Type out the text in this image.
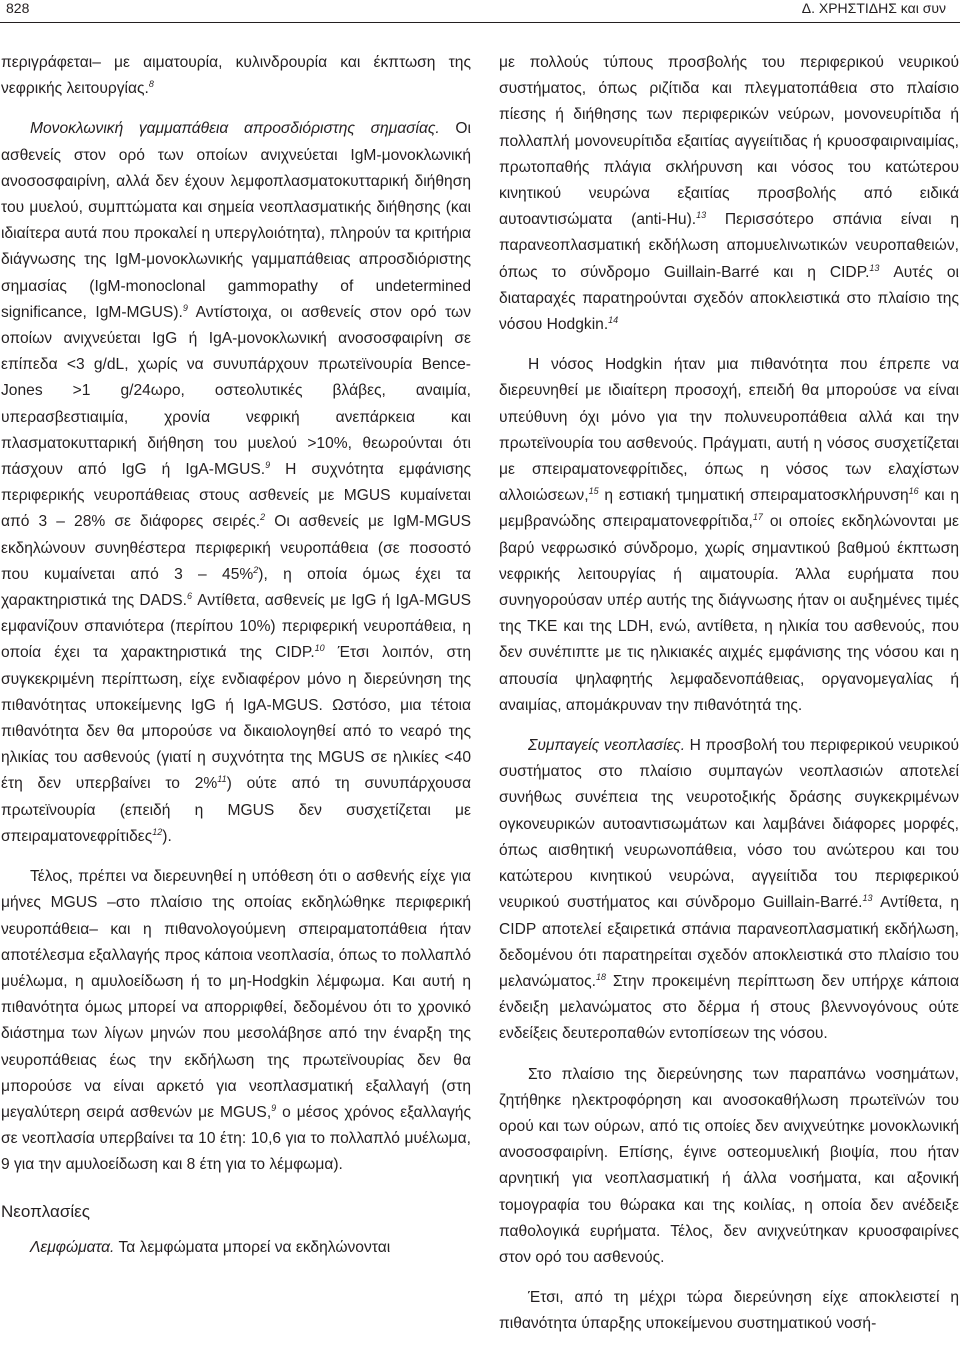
828	Δ. ΧΡΗΣΤΙΔΗΣ και συν

περιγράφεται– με αιματουρία, κυλινδρουρία και έκπτωση της νεφρικής λειτουργίας.$^8$

Μονοκλωνική γαμμαπάθεια απροσδιόριστης σημασίας. Οι ασθενείς στον ορό των οποίων ανιχνεύεται IgM-μονοκλωνική ανοσοσφαιρίνη, αλλά δεν έχουν λεμφοπλασματοκυτταρική διήθηση του μυελού, συμπτώματα και σημεία νεοπλασματικής διήθησης (και ιδιαίτερα αυτά που προκαλεί η υπεργλοιότητα), πληρούν τα κριτήρια διάγνωσης της IgM-μονοκλωνικής γαμμαπάθειας απροσδιόριστης σημασίας (IgM-monoclonal gammopathy of undetermined significance, IgM-MGUS).$^9$ Αντίστοιχα, οι ασθενείς στον ορό των οποίων ανιχνεύεται IgG ή IgA-μονοκλωνική ανοσοσφαιρίνη σε επίπεδα <3 g/dL, χωρίς να συνυπάρχουν πρωτεϊνουρία Bence-Jones >1 g/24ωρο, οστεολυτικές βλάβες, αναιμία, υπερασβεστιαιμία, χρονία νεφρική ανεπάρκεια και πλασματοκυτταρική διήθηση του μυελού >10%, θεωρούνται ότι πάσχουν από IgG ή IgA-MGUS.$^9$ Η συχνότητα εμφάνισης περιφερικής νευροπάθειας στους ασθενείς με MGUS κυμαίνεται από 3 – 28% σε διάφορες σειρές.$^2$ Οι ασθενείς με IgM-MGUS εκδηλώνουν συνηθέστερα περιφερική νευροπάθεια (σε ποσοστό που κυμαίνεται από 3 – 45%$^2$), η οποία όμως έχει τα χαρακτηριστικά της DADS.$^6$ Αντίθετα, ασθενείς με IgG ή IgA-MGUS εμφανίζουν σπανιότερα (περίπου 10%) περιφερική νευροπάθεια, η οποία έχει τα χαρακτηριστικά της CIDP.$^{10}$ Έτσι λοιπόν, στη συγκεκριμένη περίπτωση, είχε ενδιαφέρον μόνο η διερεύνηση της πιθανότητας υποκείμενης IgG ή IgA-MGUS. Ωστόσο, μια τέτοια πιθανότητα δεν θα μπορούσε να δικαιολογηθεί από το νεαρό της ηλικίας του ασθενούς (γιατί η συχνότητα της MGUS σε ηλικίες <40 έτη δεν υπερβαίνει το 2%$^{11}$) ούτε από τη συνυπάρχουσα πρωτεϊνουρία (επειδή η MGUS δεν συσχετίζεται με σπειραματονεφρίτιδες$^{12}$).

Τέλος, πρέπει να διερευνηθεί η υπόθεση ότι ο ασθενής είχε για μήνες MGUS –στο πλαίσιο της οποίας εκδηλώθηκε περιφερική νευροπάθεια– και η πιθανολογούμενη σπειραματοπάθεια ήταν αποτέλεσμα εξαλλαγής προς κάποια νεοπλασία, όπως το πολλαπλό μυέλωμα, η αμυλοείδωση ή το μη-Hodgkin λέμφωμα. Και αυτή η πιθανότητα όμως μπορεί να απορριφθεί, δεδομένου ότι το χρονικό διάστημα των λίγων μηνών που μεσολάβησε από την έναρξη της νευροπάθειας έως την εκδήλωση της πρωτεϊνουρίας δεν θα μπορούσε να είναι αρκετό για νεοπλασματική εξαλλαγή (στη μεγαλύτερη σειρά ασθενών με MGUS,$^9$ ο μέσος χρόνος εξαλλαγής σε νεοπλασία υπερβαίνει τα 10 έτη: 10,6 για το πολλαπλό μυέλωμα, 9 για την αμυλοείδωση και 8 έτη για το λέμφωμα).

Νεοπλασίες

Λεμφώματα. Τα λεμφώματα μπορεί να εκδηλώνονται

με πολλούς τύπους προσβολής του περιφερικού νευρικού συστήματος, όπως ριζίτιδα και πλεγματοπάθεια στο πλαίσιο πίεσης ή διήθησης των περιφερικών νεύρων, μονονευρίτιδα ή πολλαπλή μονονευρίτιδα εξαιτίας αγγειίτιδας ή κρυοσφαιριναιμίας, πρωτοπαθής πλάγια σκλήρυνση και νόσος του κατώτερου κινητικού νευρώνα εξαιτίας προσβολής από ειδικά αυτοαντισώματα (anti-Hu).$^{13}$ Περισσότερο σπάνια είναι η παρανεοπλασματική εκδήλωση απομυελινωτικών νευροπαθειών, όπως το σύνδρομο Guillain-Barré και η CIDP.$^{13}$ Αυτές οι διαταραχές παρατηρούνται σχεδόν αποκλειστικά στο πλαίσιο της νόσου Hodgkin.$^{14}$

Η νόσος Hodgkin ήταν μια πιθανότητα που έπρεπε να διερευνηθεί με ιδιαίτερη προσοχή, επειδή θα μπορούσε να είναι υπεύθυνη όχι μόνο για την πολυνευροπάθεια αλλά και την πρωτεϊνουρία του ασθενούς. Πράγματι, αυτή η νόσος συσχετίζεται με σπειραματονεφρίτιδες, όπως η νόσος των ελαχίστων αλλοιώσεων,$^{15}$ η εστιακή τμηματική σπειραματοσκλήρυνση$^{16}$ και η μεμβρανώδης σπειραματονεφρίτιδα,$^{17}$ οι οποίες εκδηλώνονται με βαρύ νεφρωσικό σύνδρομο, χωρίς σημαντικού βαθμού έκπτωση νεφρικής λειτουργίας ή αιματουρία. Άλλα ευρήματα που συνηγορούσαν υπέρ αυτής της διάγνωσης ήταν οι αυξημένες τιμές της ΤΚΕ και της LDH, ενώ, αντίθετα, η ηλικία του ασθενούς, που δεν συνέπιπτε με τις ηλικιακές αιχμές εμφάνισης της νόσου και η απουσία ψηλαφητής λεμφαδενοπάθειας, οργανομεγαλίας ή αναιμίας, απομάκρυναν την πιθανότητά της.

Συμπαγείς νεοπλασίες. Η προσβολή του περιφερικού νευρικού συστήματος στο πλαίσιο συμπαγών νεοπλασιών αποτελεί συνήθως συνέπεια της νευροτοξικής δράσης συγκεκριμένων ογκονευρικών αυτοαντισωμάτων και λαμβάνει διάφορες μορφές, όπως αισθητική νευρωνοπάθεια, νόσο του ανώτερου και του κατώτερου κινητικού νευρώνα, αγγειίτιδα του περιφερικού νευρικού συστήματος και σύνδρομο Guillain-Barré.$^{13}$ Αντίθετα, η CIDP αποτελεί εξαιρετικά σπάνια παρανεοπλασματική εκδήλωση, δεδομένου ότι παρατηρείται σχεδόν αποκλειστικά στο πλαίσιο του μελανώματος.$^{18}$ Στην προκειμένη περίπτωση δεν υπήρχε κάποια ένδειξη μελανώματος στο δέρμα ή στους βλεννογόνους ούτε ενδείξεις δευτεροπαθών εντοπίσεων της νόσου.

Στο πλαίσιο της διερεύνησης των παραπάνω νοσημάτων, ζητήθηκε ηλεκτροφόρηση και ανοσοκαθήλωση πρωτεϊνών του ορού και των ούρων, από τις οποίες δεν ανιχνεύτηκε μονοκλωνική ανοσοσφαιρίνη. Επίσης, έγινε οστεομυελική βιοψία, που ήταν αρνητική για νεοπλασματική ή άλλα νοσήματα, και αξονική τομογραφία του θώρακα και της κοιλίας, η οποία δεν ανέδειξε παθολογικά ευρήματα. Τέλος, δεν ανιχνεύτηκαν κρυοσφαιρίνες στον ορό του ασθενούς.

Έτσι, από τη μέχρι τώρα διερεύνηση είχε αποκλειστεί η πιθανότητα ύπαρξης υποκείμενου συστηματικού νοσή-
